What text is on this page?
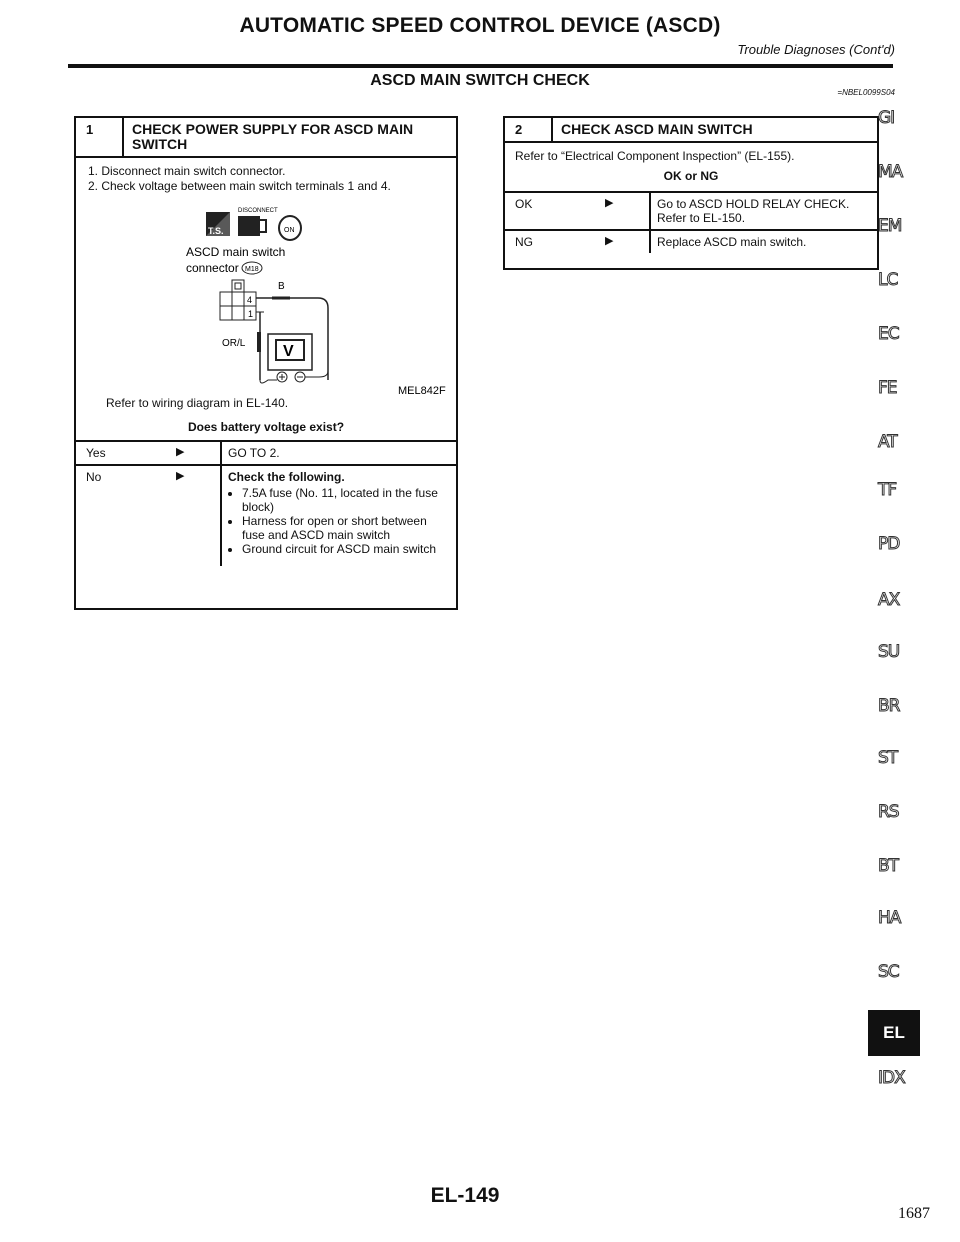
AUTOMATIC SPEED CONTROL DEVICE (ASCD)
Trouble Diagnoses (Cont'd)
ASCD MAIN SWITCH CHECK
=NBEL0099S04
1	CHECK POWER SUPPLY FOR ASCD MAIN SWITCH
1. Disconnect main switch connector.
2. Check voltage between main switch terminals 1 and 4.
T.S.
DISCONNECT
ON
ASCD main switch
connector M18
4
1
B
OR/L V
MEL842F
Refer to wiring diagram in EL-140.
Does battery voltage exist?
Yes	▶	GO TO 2.
No	▶	Check the following.
• 7.5A fuse (No. 11, located in the fuse block)
• Harness for open or short between fuse and ASCD main switch
• Ground circuit for ASCD main switch
2	CHECK ASCD MAIN SWITCH
Refer to “Electrical Component Inspection” (EL-155).
OK or NG
OK	▶	Go to ASCD HOLD RELAY CHECK.
Refer to EL-150.
NG	▶	Replace ASCD main switch.
GI
MA
EM
LC
EC
FE
AT
TF
PD
AX
SU
BR
ST
RS
BT
HA
SC
EL
IDX
EL-149
1687
